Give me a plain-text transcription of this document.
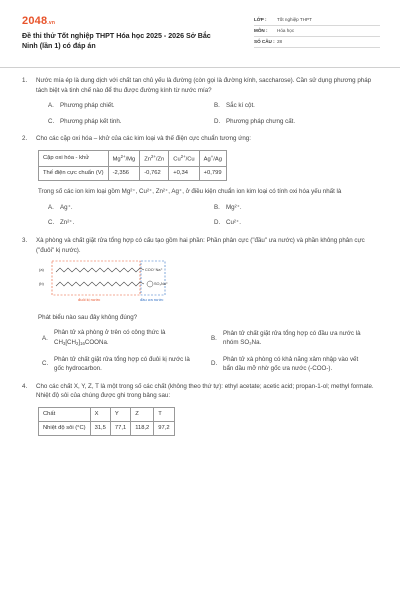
2048.vn
Đề thi thử Tốt nghiệp THPT Hóa học 2025 - 2026 Sở Bắc Ninh (lần 1) có đáp án
LỚP : Tốt nghiệp THPT
MÔN : Hóa học
SỐ CÂU : 28
1.	Nước mía ép là dung dịch với chất tan chủ yếu là đường (còn gọi là đường kính, saccharose). Cần sử dụng phương pháp tách biệt và tinh chế nào để thu được đường kính từ nước mía?
A. Phương pháp chiết.	B. Sắc kí cột.
C. Phương pháp kết tinh.	D. Phương pháp chưng cất.
2.	Cho các cặp oxi hóa – khử của các kim loại và thế điện cực chuẩn tương ứng:
Cặp oxi hóa - khử	$Mg^{2+}/Mg$	$Zn^{2+}/Zn$	$Cu^{2+}/Cu$	Ag+/Ag
Thế điện cực chuẩn (V)	-2,356	-0,762	+0,34	+0,799
Trong số các ion kim loại gồm Mg²⁺, Cu²⁺, Zn²⁺, Ag⁺, ở điều kiện chuẩn ion kim loại có tính oxi hóa yếu nhất là
A. Ag⁺.	B. Mg²⁺.
C. Zn²⁺.	D. Cu²⁺.
3.	Xà phòng và chất giặt rửa tổng hợp có cấu tạo gồm hai phần: Phần phân cực ("đầu" ưa nước) và phần không phân cực ("đuôi" kị nước).
(a)	COO⁻Na⁺
(b)	SO₃Na⁺
đuôi kị nước	đầu ưa nước
Phát biểu nào sau đây không đúng?
A.
Phân tử xà phòng ở trên có công thức là
$CH_3[CH_2]_{16}COONa$.
B.
Phân tử chất giặt rửa tổng hợp có đầu ưa nước là nhóm SO₃Na.
C.
Phân tử chất giặt rửa tổng hợp có đuôi kị nước là gốc hydrocarbon.
D.
Phân tử xà phòng có khả năng xâm nhập vào vết bẩn dầu mỡ nhờ gốc ưa nước (-COO-).
4.	Cho các chất X, Y, Z, T là một trong số các chất (không theo thứ tự): ethyl acetate; acetic acid; propan-1-ol; methyl formate. Nhiệt độ sôi của chúng được ghi trong bảng sau:
Chất	X	Y	Z	T
Nhiệt độ sôi (°C)	31,5	77,1	118,2	97,2
